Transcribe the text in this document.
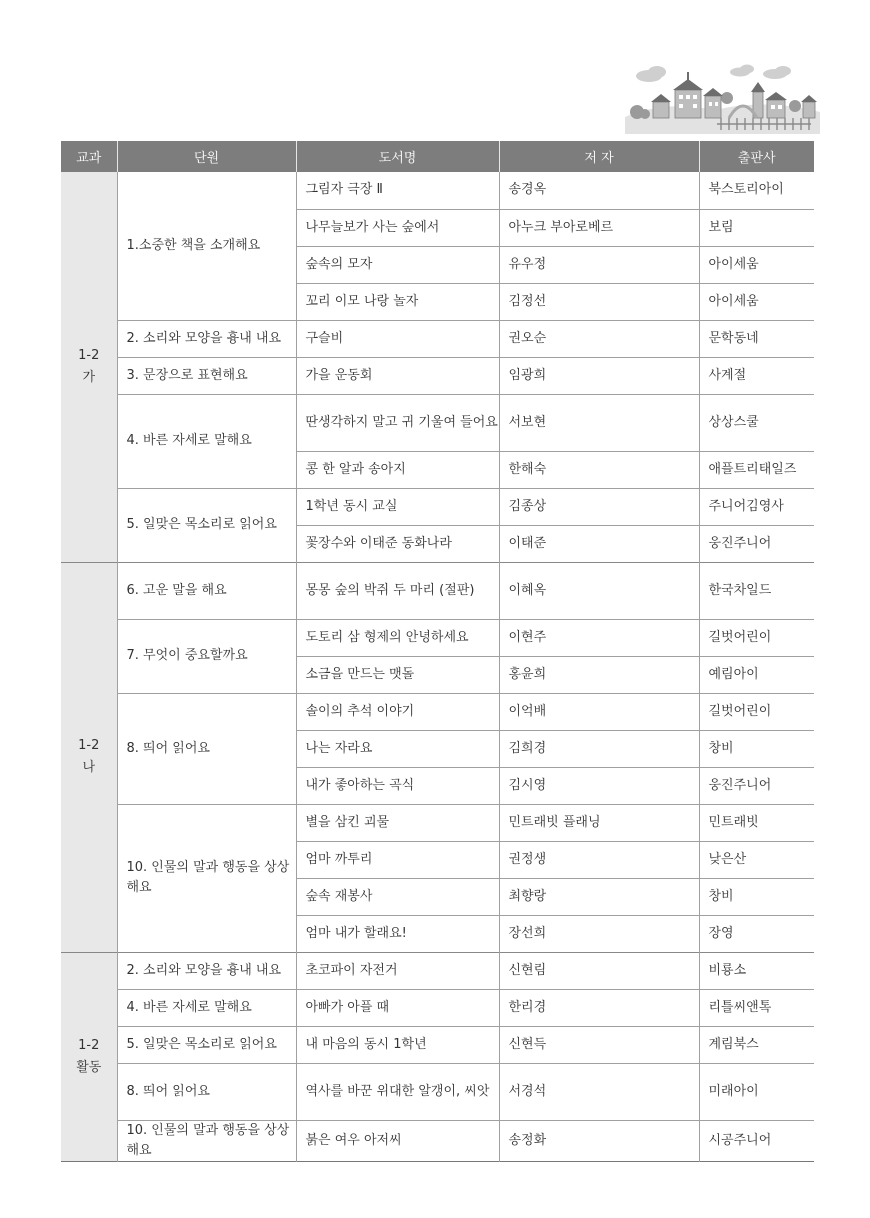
교과	단원	도서명	저 자	출판사

1-2
가	1.소중한 책을 소개해요	그림자 극장 Ⅱ	송경옥	북스토리아이
		나무늘보가 사는 숲에서	아누크 부아로베르	보림
		숲속의 모자	유우정	아이세움
		꼬리 이모 나랑 놀자	김정선	아이세움
	2. 소리와 모양을 흉내 내요	구슬비	권오순	문학동네
	3. 문장으로 표현해요	가을 운동회	임광희	사계절
	4. 바른 자세로 말해요	딴생각하지 말고 귀 기울여 들어요	서보현	상상스쿨
		콩 한 알과 송아지	한해숙	애플트리태일즈
	5. 일맞은 목소리로 읽어요	1학년 동시 교실	김종상	주니어김영사
		꽃장수와 이태준 동화나라	이태준	웅진주니어

1-2
나	6. 고운 말을 해요	몽몽 숲의 박쥐 두 마리 (절판)	이혜옥	한국차일드
	7. 무엇이 중요할까요	도토리 삼 형제의 안녕하세요	이현주	길벗어린이
		소금을 만드는 맷돌	홍윤희	예림아이
	8. 띄어 읽어요	솔이의 추석 이야기	이억배	길벗어린이
		나는 자라요	김희경	창비
		내가 좋아하는 곡식	김시영	웅진주니어
	10. 인물의 말과 행동을 상상해요	별을 삼킨 괴물	민트래빗 플래닝	민트래빗
		엄마 까투리	권정생	낮은산
		숲속 재봉사	최향랑	창비
		엄마 내가 할래요!	장선희	장영

1-2
활동	2. 소리와 모양을 흉내 내요	초코파이 자전거	신현림	비룡소
	4. 바른 자세로 말해요	아빠가 아플 때	한리경	리틀씨앤톡
	5. 일맞은 목소리로 읽어요	내 마음의 동시 1학년	신현득	계림북스
	8. 띄어 읽어요	역사를 바꾼 위대한 알갱이, 씨앗	서경석	미래아이
	10. 인물의 말과 행동을 상상해요	붉은 여우 아저씨	송정화	시공주니어
